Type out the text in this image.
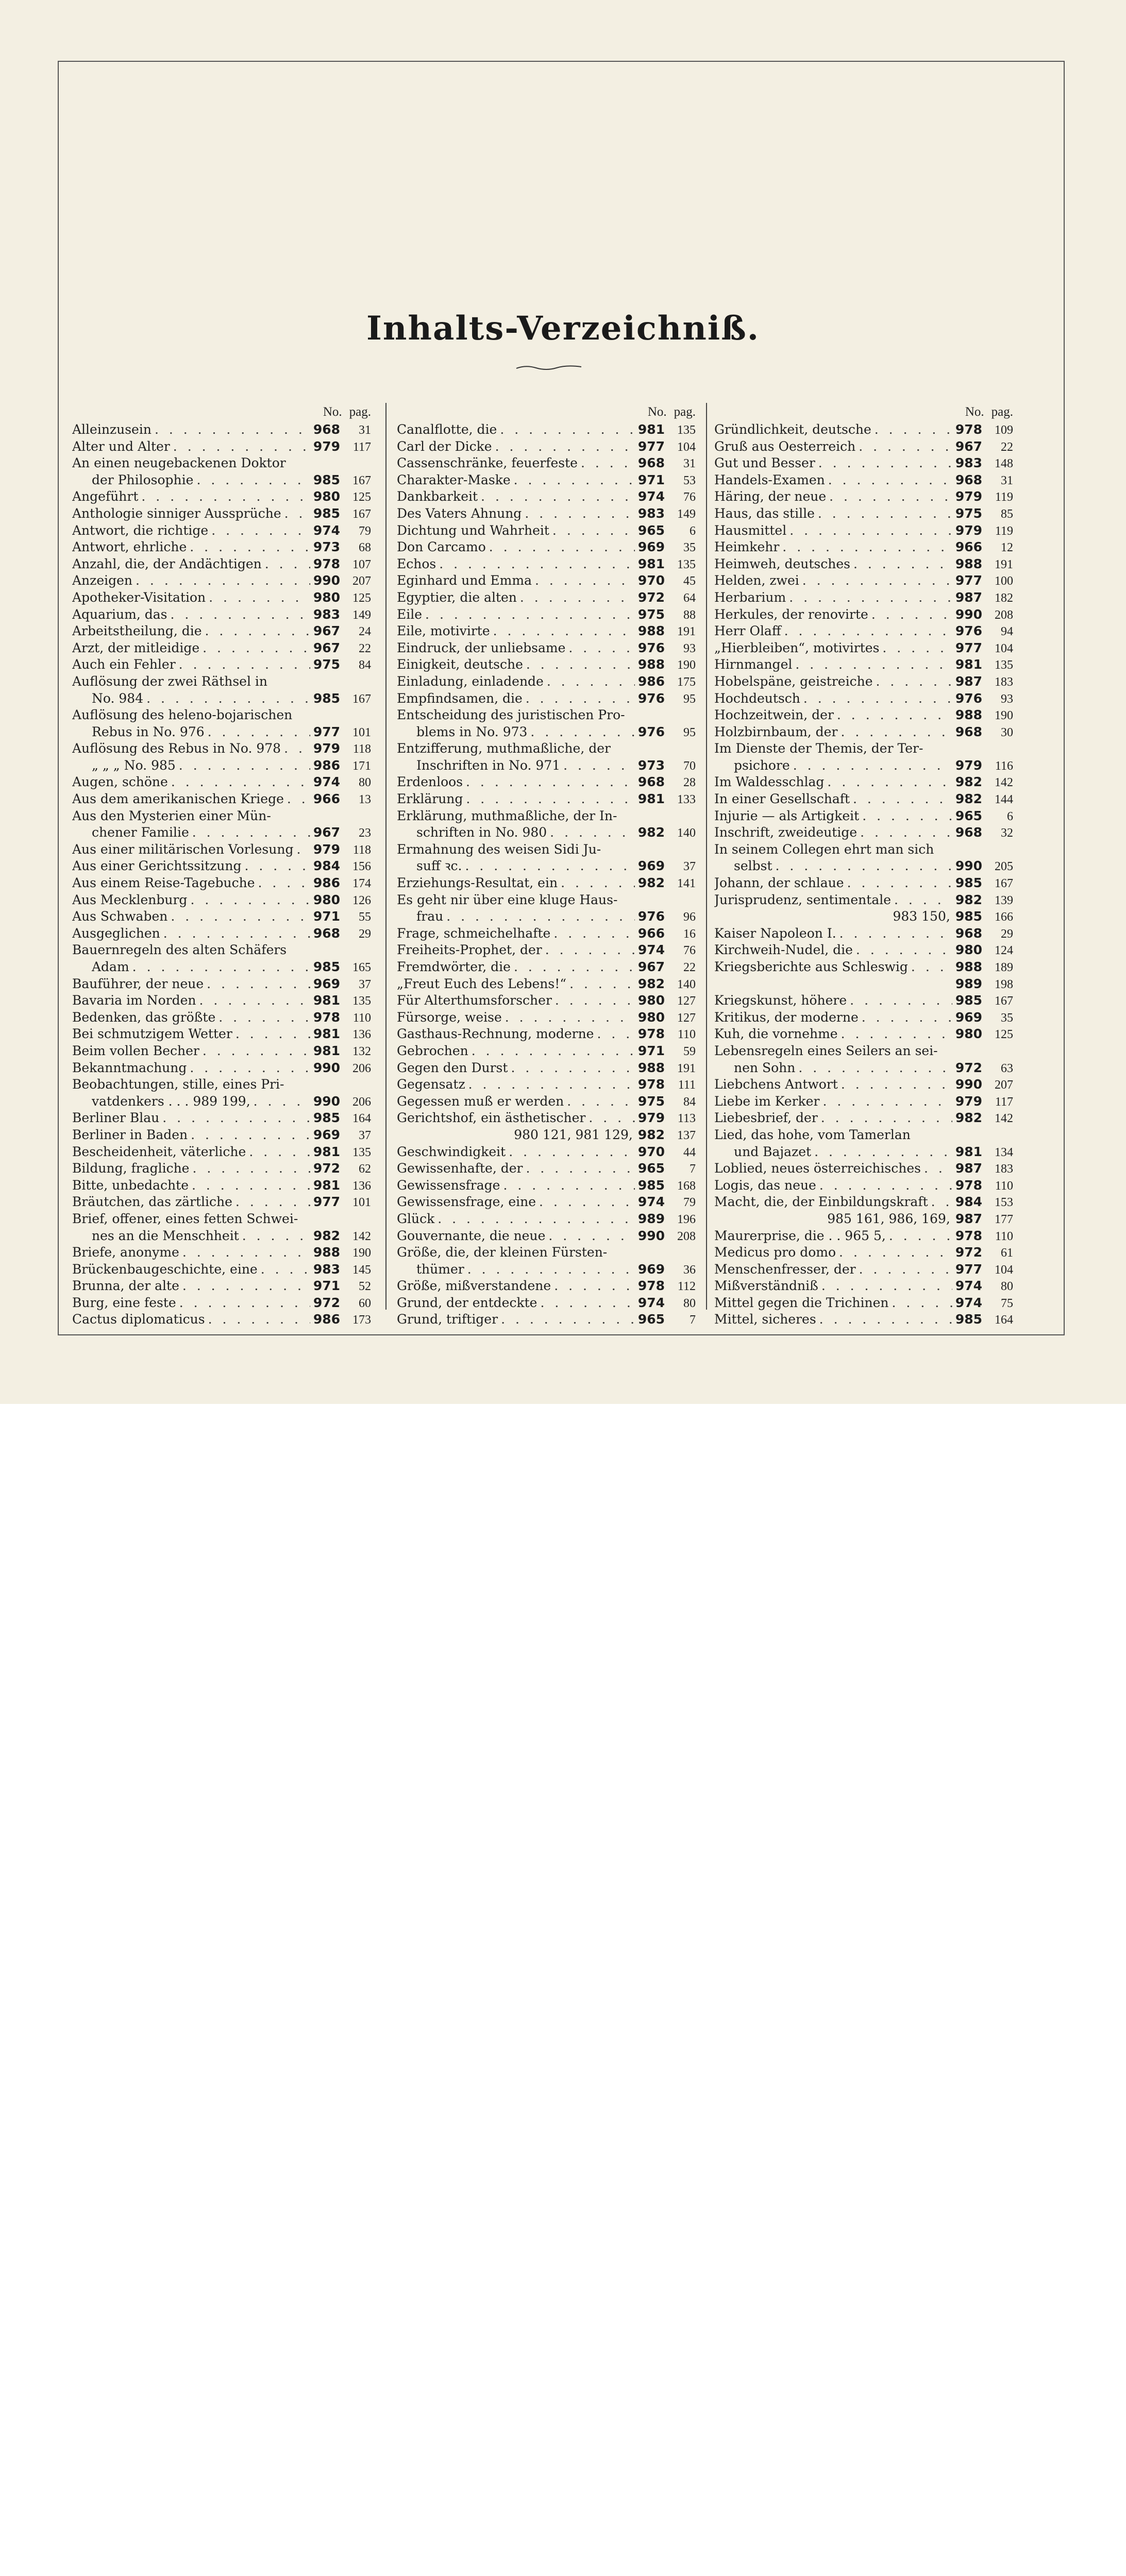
Inhalts-Verzeichniß.
No. pag.
Alleinzusein . . .	968	31
Alter und Alter . . .	979	117
An einen neugebackenen Doktor
der Philosophie . . .	985	167
Angeführt . . .	980	125
Anthologie sinniger Aussprüche . . . 985	167
Antwort, die richtige . . .	974	79
Antwort, ehrliche . . .	973	68
Anzahl, die, der Andächtigen . . .	978	107
Anzeigen . . .	990	207
Apotheker-Visitation . . .	980	125
Aquarium, das . . .	983	149
Arbeitstheilung, die . . .	967	24
Arzt, der mitleidige . . .	967	22
Auch ein Fehler . . .	975	84
Auflösung der zwei Räthsel in
No. 984 . . .	985	167
Auflösung des heleno-bojarischen
Rebus in No. 976 . . .	977	101
Auflösung des Rebus in No. 978 . . .	979	118
„ „ „ No. 985 . . .	986	171
Augen, schöne . . .	974	80
Aus dem amerikanischen Kriege . . . 966	13
Aus den Mysterien einer Mün-
chener Familie . . .	967	23
Aus einer militärischen Vorlesung . . . 979	118
Aus einer Gerichtssitzung . . .	984	156
Aus einem Reise-Tagebuche . . .	986	174
Aus Mecklenburg . . .	980	126
Aus Schwaben . . .	971	55
Ausgeglichen . . .	968	29
Bauernregeln des alten Schäfers
Adam . . .	985	165
Bauführer, der neue . . .	969	37
Bavaria im Norden . . .	981	135
Bedenken, das größte . . .	978	110
Bei schmutzigem Wetter . . .	981	136
Beim vollen Becher . . .	981	132
Bekanntmachung . . .	990	206
Beobachtungen, stille, eines Pri-
vatdenkers . . . 989 199, . . .	990	206
Berliner Blau . . .	985	164
Berliner in Baden . . .	969	37
Bescheidenheit, väterliche . . .	981	135
Bildung, fragliche . . .	972	62
Bitte, unbedachte . . .	981	136
Bräutchen, das zärtliche . . .	977	101
Brief, offener, eines fetten Schwei-
nes an die Menschheit . . .	982	142
Briefe, anonyme . . .	988	190
Brückenbaugeschichte, eine . . .	983	145
Brunna, der alte . . .	971	52
Burg, eine feste . . .	972	60
Cactus diplomaticus . . .	986	173
No. pag.
Canalflotte, die . . .	981	135
Carl der Dicke . . .	977	104
Cassenschränke, feuerfeste . . .	968	31
Charakter-Maske . . .	971	53
Dankbarkeit . . .	974	76
Des Vaters Ahnung . . .	983	149
Dichtung und Wahrheit . . .	965	6
Don Carcamo . . .	969	35
Echos . . .	981	135
Eginhard und Emma . . .	970	45
Egyptier, die alten . . .	972	64
Eile . . .	975	88
Eile, motivirte . . .	988	191
Eindruck, der unliebsame . . .	976	93
Einigkeit, deutsche . . .	988	190
Einladung, einladende . . .	986	175
Empfindsamen, die . . .	976	95
Entscheidung des juristischen Pro-
blems in No. 973 . . .	976	95
Entzifferung, muthmaßliche, der
Inschriften in No. 971 . . .	973	70
Erdenloos . . .	968	28
Erklärung . . .	981	133
Erklärung, muthmaßliche, der In-
schriften in No. 980 . . .	982	140
Ermahnung des weisen Sidi Ju-
suff ꝛc. . . .	969	37
Erziehungs-Resultat, ein . . .	982	141
Es geht nir über eine kluge Haus-
frau . . .	976	96
Frage, schmeichelhafte . . .	966	16
Freiheits-Prophet, der . . .	974	76
Fremdwörter, die . . .	967	22
„Freut Euch des Lebens!“ . . .	982	140
Für Alterthumsforscher . . .	980	127
Fürsorge, weise . . .	980	127
Gasthaus-Rechnung, moderne . . .	978	110
Gebrochen . . .	971	59
Gegen den Durst . . .	988	191
Gegensatz . . .	978	111
Gegessen muß er werden . . .	975	84
Gerichtshof, ein ästhetischer . . .	979	113
980 121, 981 129, 982	137
Geschwindigkeit . . .	970	44
Gewissenhafte, der . . .	965	7
Gewissensfrage . . .	985	168
Gewissensfrage, eine . . .	974	79
Glück . . .	989	196
Gouvernante, die neue . . .	990	208
Größe, die, der kleinen Fürsten-
thümer . . .	969	36
Größe, mißverstandene . . .	978	112
Grund, der entdeckte . . .	974	80
Grund, triftiger . . .	965	7
No. pag.
Gründlichkeit, deutsche . . .	978	109
Gruß aus Oesterreich . . .	967	22
Gut und Besser . . .	983	148
Handels-Examen . . .	968	31
Häring, der neue . . .	979	119
Haus, das stille . . .	975	85
Hausmittel . . .	979	119
Heimkehr . . .	966	12
Heimweh, deutsches . . .	988	191
Helden, zwei . . .	977	100
Herbarium . . .	987	182
Herkules, der renovirte . . .	990	208
Herr Olaff . . .	976	94
„Hierbleiben“, motivirtes . . .	977	104
Hirnmangel . . .	981	135
Hobelspäne, geistreiche . . .	987	183
Hochdeutsch . . .	976	93
Hochzeitwein, der . . .	988	190
Holzbirnbaum, der . . .	968	30
Im Dienste der Themis, der Ter-
psichore . . .	979	116
Im Waldesschlag . . .	982	142
In einer Gesellschaft . . .	982	144
Injurie — als Artigkeit . . .	965	6
Inschrift, zweideutige . . .	968	32
In seinem Collegen ehrt man sich
selbst . . .	990	205
Johann, der schlaue . . .	985	167
Jurisprudenz, sentimentale . . .	982	139
983 150, 985	166
Kaiser Napoleon I. . . .	968	29
Kirchweih-Nudel, die . . .	980	124
Kriegsberichte aus Schleswig . . .	988	189
989	198
Kriegskunst, höhere . . .	985	167
Kritikus, der moderne . . .	969	35
Kuh, die vornehme . . .	980	125
Lebensregeln eines Seilers an sei-
nen Sohn . . .	972	63
Liebchens Antwort . . .	990	207
Liebe im Kerker . . .	979	117
Liebesbrief, der . . .	982	142
Lied, das hohe, vom Tamerlan
und Bajazet . . .	981	134
Loblied, neues österreichisches . . .	987	183
Logis, das neue . . .	978	110
Macht, die, der Einbildungskraft . . . 984	153
985 161, 986, 169, 987	177
Maurerprise, die . . 965 5, . . .	978	110
Medicus pro domo . . .	972	61
Menschenfresser, der . . .	977	104
Mißverständniß . . .	974	80
Mittel gegen die Trichinen . . .	974	75
Mittel, sicheres . . .	985	164
